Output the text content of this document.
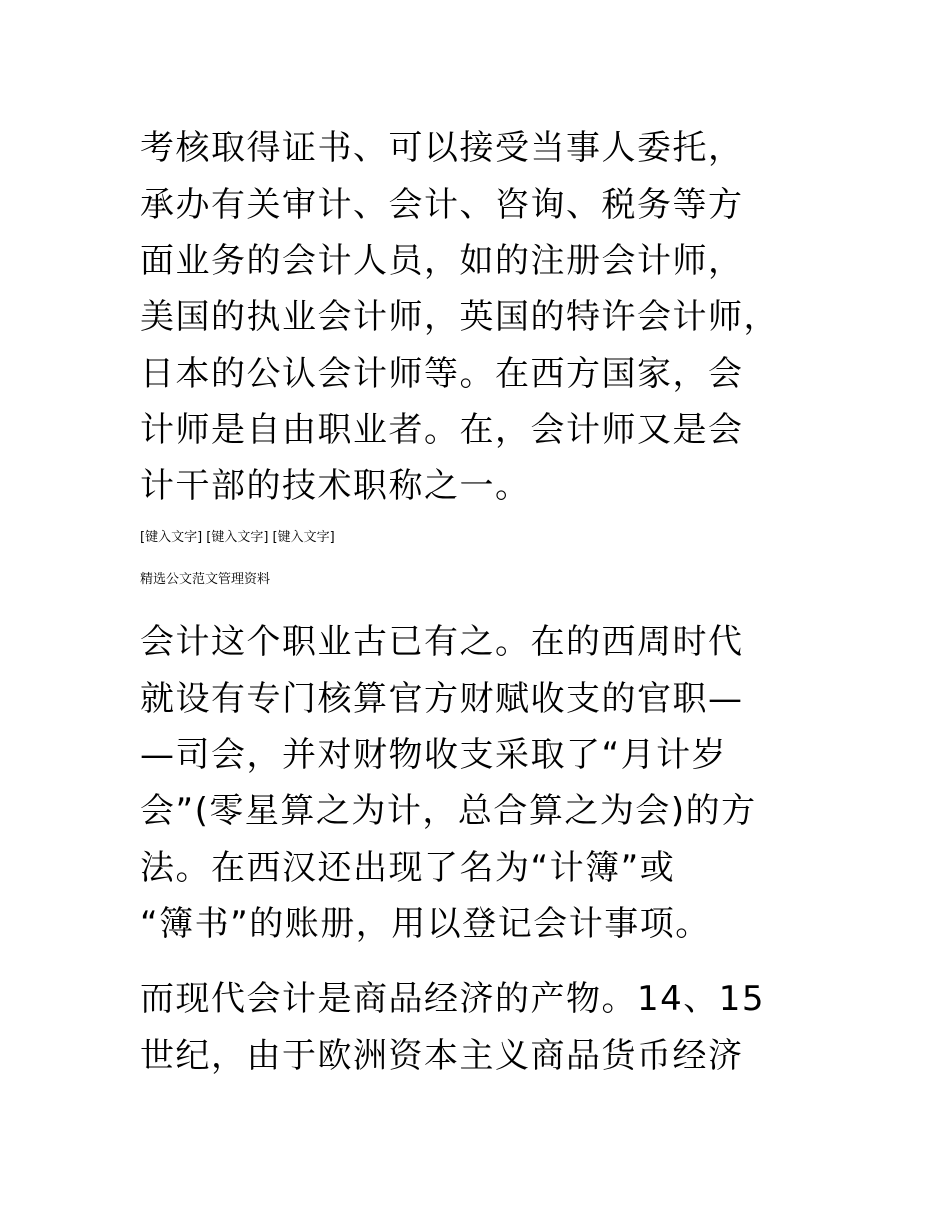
考核取得证书、可以接受当事人委托，

承办有关审计、会计、咨询、税务等方

面业务的会计人员，如的注册会计师，

美国的执业会计师，英国的特许会计师，

日本的公认会计师等。在西方国家，会

计师是自由职业者。在，会计师又是会

计干部的技术职称之一。

[键入文字] [键入文字] [键入文字]

精选公文范文管理资料

会计这个职业古已有之。在的西周时代

就设有专门核算官方财赋收支的官职—

—司会，并对财物收支采取了“月计岁

会”(零星算之为计，总合算之为会)的方

法。在西汉还出现了名为“计簿”或

“簿书”的账册，用以登记会计事项。

而现代会计是商品经济的产物。14、15

世纪，由于欧洲资本主义商品货币经济
